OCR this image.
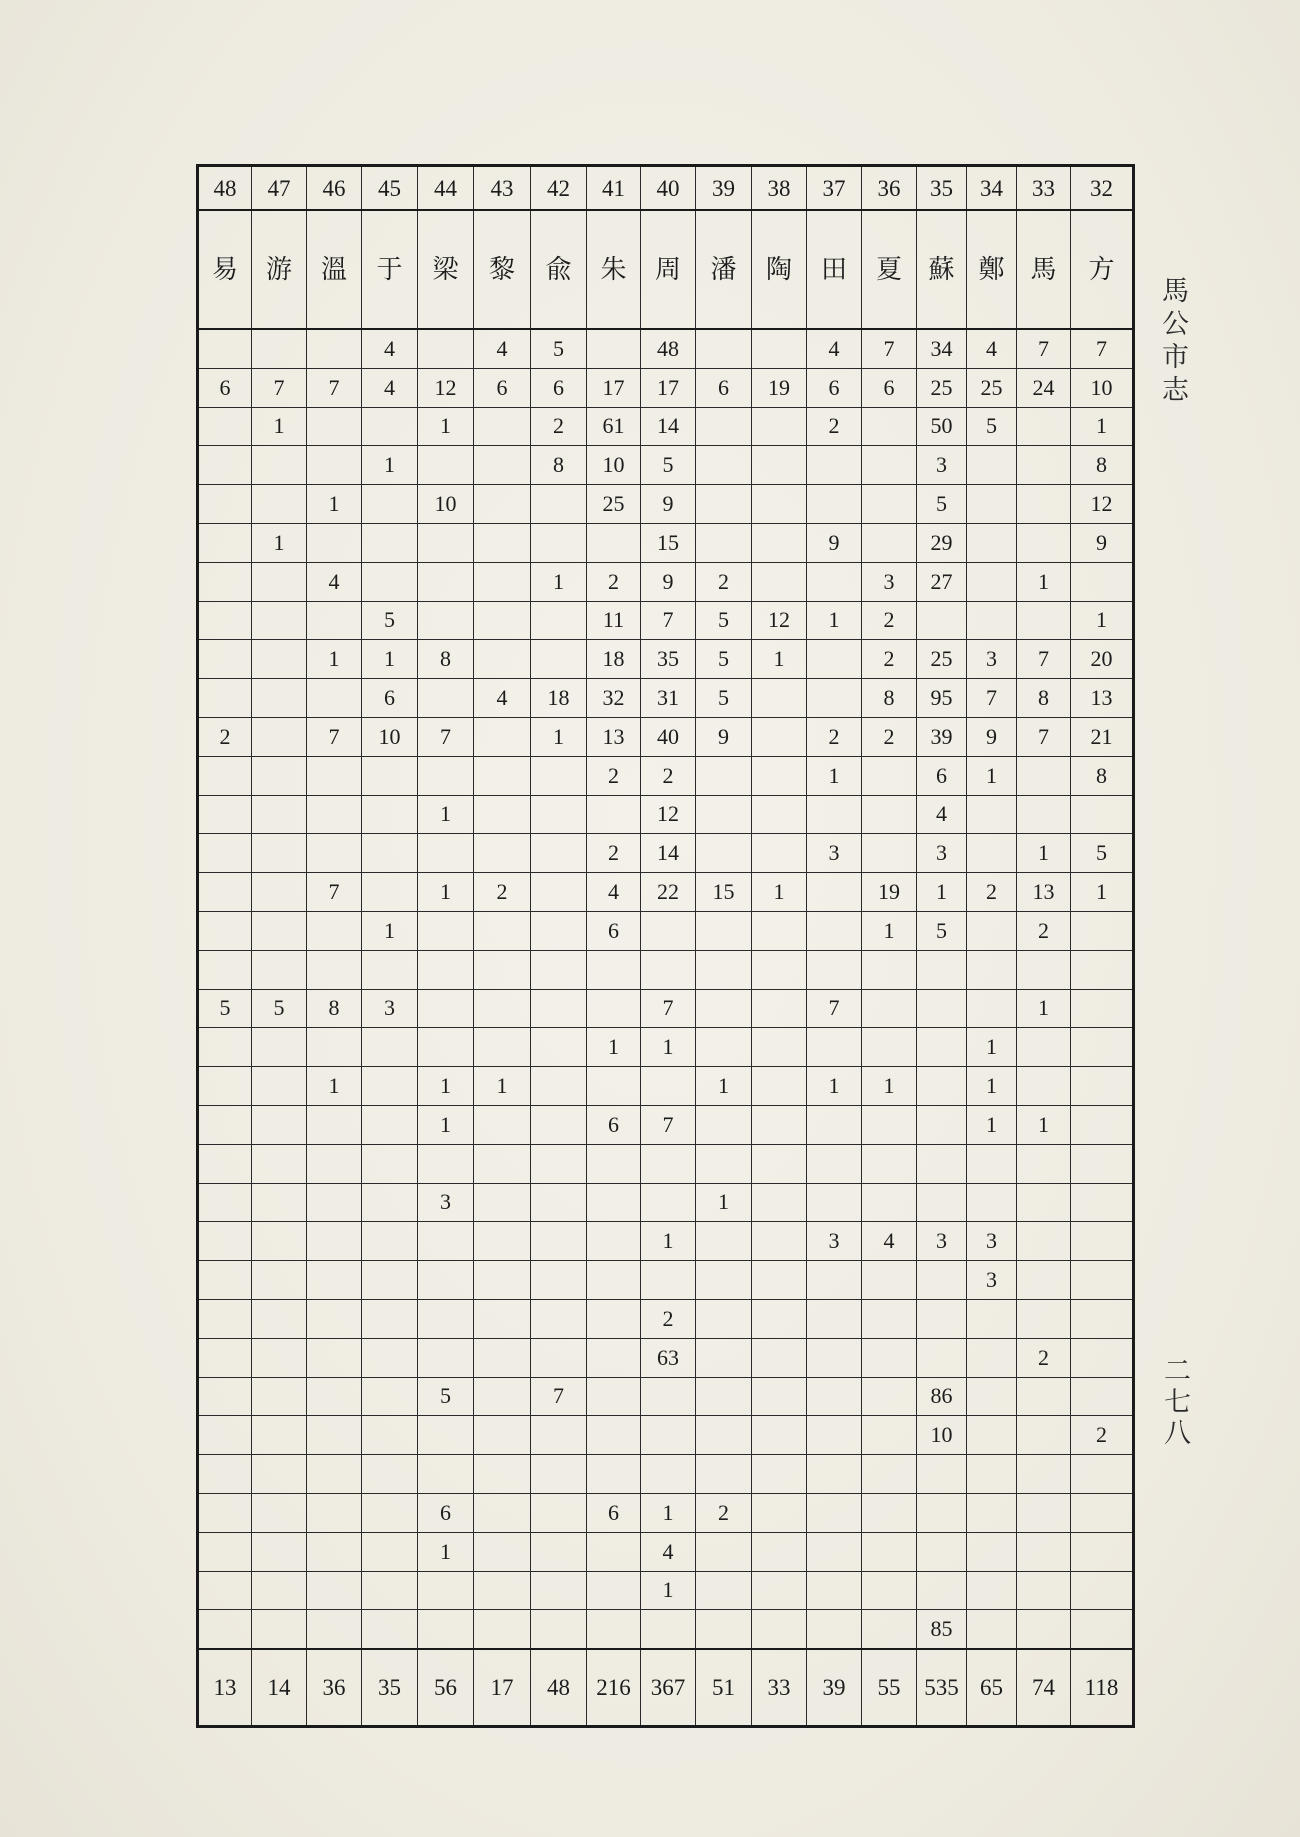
48	47	46	45	44	43	42	41	40	39	38	37	36	35	34	33	32
易	游	溫	于	梁	黎	兪	朱	周	潘	陶	田	夏	蘇	鄭	馬	方
			4		4	5		48			4	7	34	4	7	7
6	7	7	4	12	6	6	17	17	6	19	6	6	25	25	24	10
	1			1		2	61	14			2		50	5		1
			1			8	10	5					3			8
		1		10			25	9					5			12
	1							15			9		29			9
		4				1	2	9	2			3	27		1	
			5				11	7	5	12	1	2				1
		1	1	8			18	35	5	1		2	25	3	7	20
			6		4	18	32	31	5			8	95	7	8	13
2		7	10	7		1	13	40	9		2	2	39	9	7	21
							2	2			1		6	1		8
				1				12					4			
							2	14			3		3		1	5
		7		1	2		4	22	15	1		19	1	2	13	1
			1				6					1	5		2	

5	5	8	3					7			7				1	
							1	1						1		
		1		1	1				1		1	1		1		
				1			6	7						1	1	

				3					1							
								1			3	4	3	3		
														3		
								2								
								63							2	
				5		7							86			
													10			2

				6			6	1	2							
				1				4								
								1								
													85			
13	14	36	35	56	17	48	216	367	51	33	39	55	535	65	74	118
馬公市志
二七八
